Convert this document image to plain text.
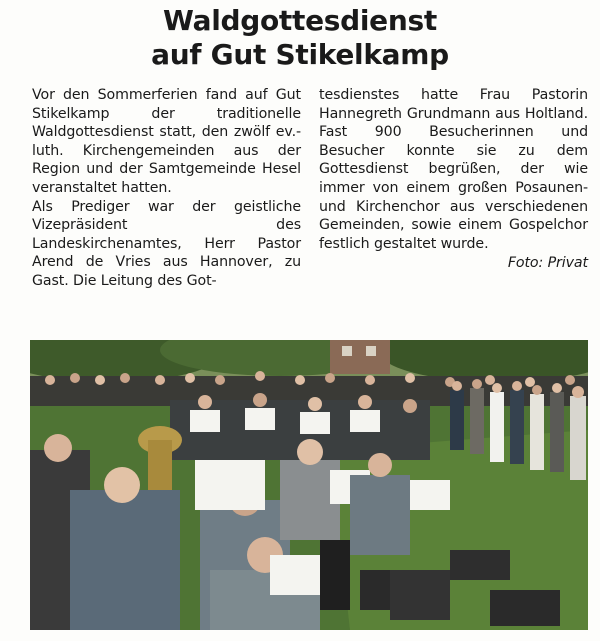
Waldgottesdienst
auf Gut Stikelkamp

Vor den Sommerferien fand auf Gut Stikelkamp der traditionelle Waldgottesdienst statt, den zwölf ev.-luth. Kirchengemeinden aus der Region und der Samtgemeinde Hesel veranstaltet hatten.

Als Prediger war der geistliche Vizepräsident des Landeskirchenamtes, Herr Pastor Arend de Vries aus Hannover, zu Gast. Die Leitung des Got-

tesdienstes hatte Frau Pastorin Hannegreth Grundmann aus Holtland. Fast 900 Besucherinnen und Besucher konnte sie zu dem Gottesdienst begrüßen, der wie immer von einem großen Posaunen- und Kirchenchor aus verschiedenen Gemeinden, sowie einem Gospelchor festlich gestaltet wurde.

Foto: Privat
